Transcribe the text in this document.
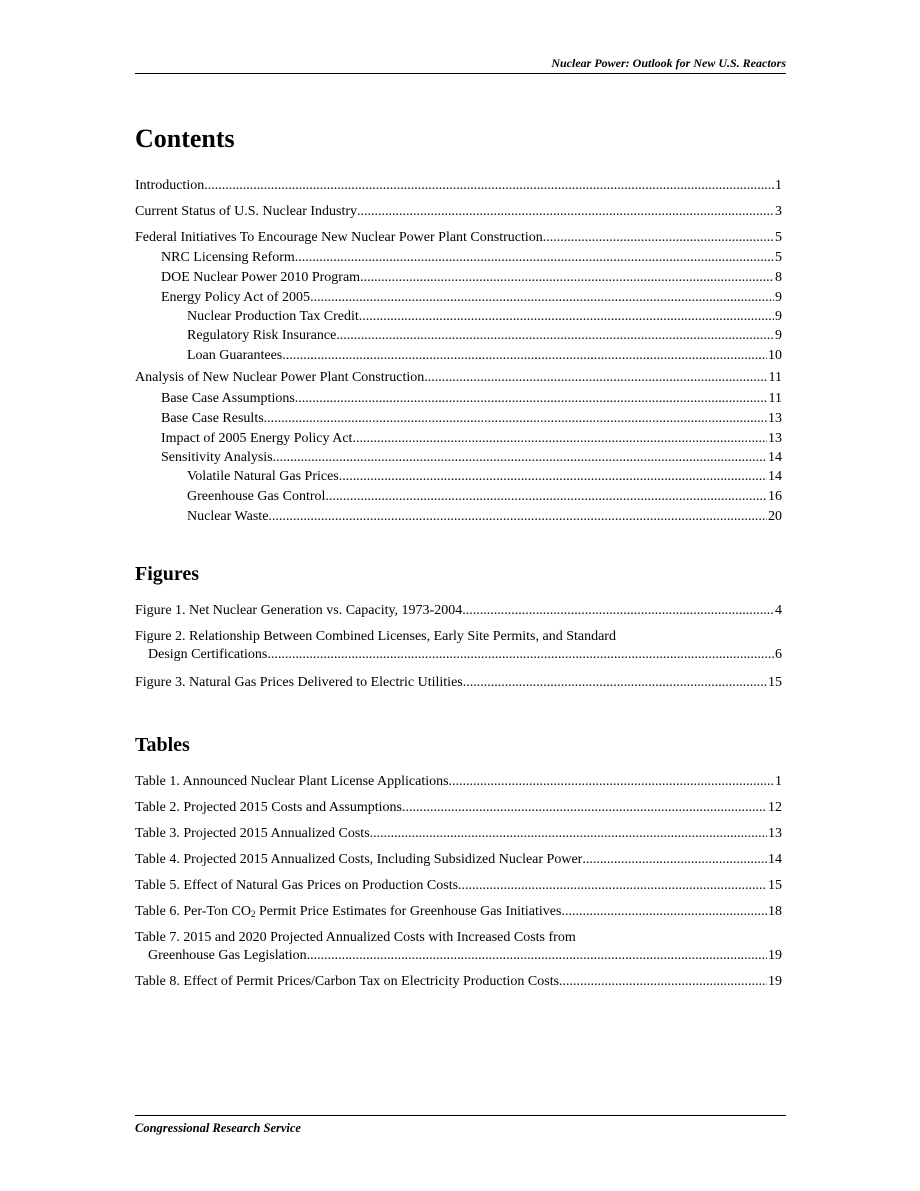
Nuclear Power: Outlook for New U.S. Reactors
Contents
Introduction .....	1
Current Status of U.S. Nuclear Industry .....	3
Federal Initiatives To Encourage New Nuclear Power Plant Construction .....	5
NRC Licensing Reform .....	5
DOE Nuclear Power 2010 Program .....	8
Energy Policy Act of 2005 .....	9
Nuclear Production Tax Credit .....	9
Regulatory Risk Insurance .....	9
Loan Guarantees .....	10
Analysis of New Nuclear Power Plant Construction .....	11
Base Case Assumptions .....	11
Base Case Results .....	13
Impact of 2005 Energy Policy Act .....	13
Sensitivity Analysis .....	14
Volatile Natural Gas Prices .....	14
Greenhouse Gas Control .....	16
Nuclear Waste .....	20
Figures
Figure 1. Net Nuclear Generation vs. Capacity, 1973-2004 .....	4
Figure 2. Relationship Between Combined Licenses, Early Site Permits, and Standard
Design Certifications .....	6
Figure 3. Natural Gas Prices Delivered to Electric Utilities .....	15
Tables
Table 1. Announced Nuclear Plant License Applications .....	1
Table 2. Projected 2015 Costs and Assumptions .....	12
Table 3. Projected 2015 Annualized Costs .....	13
Table 4. Projected 2015 Annualized Costs, Including Subsidized Nuclear Power .....	14
Table 5. Effect of Natural Gas Prices on Production Costs .....	15
Table 6. Per-Ton $CO_2$ Permit Price Estimates for Greenhouse Gas Initiatives .....	18
Table 7. 2015 and 2020 Projected Annualized Costs with Increased Costs from
Greenhouse Gas Legislation .....	19
Table 8. Effect of Permit Prices/Carbon Tax on Electricity Production Costs .....	19
Congressional Research Service
